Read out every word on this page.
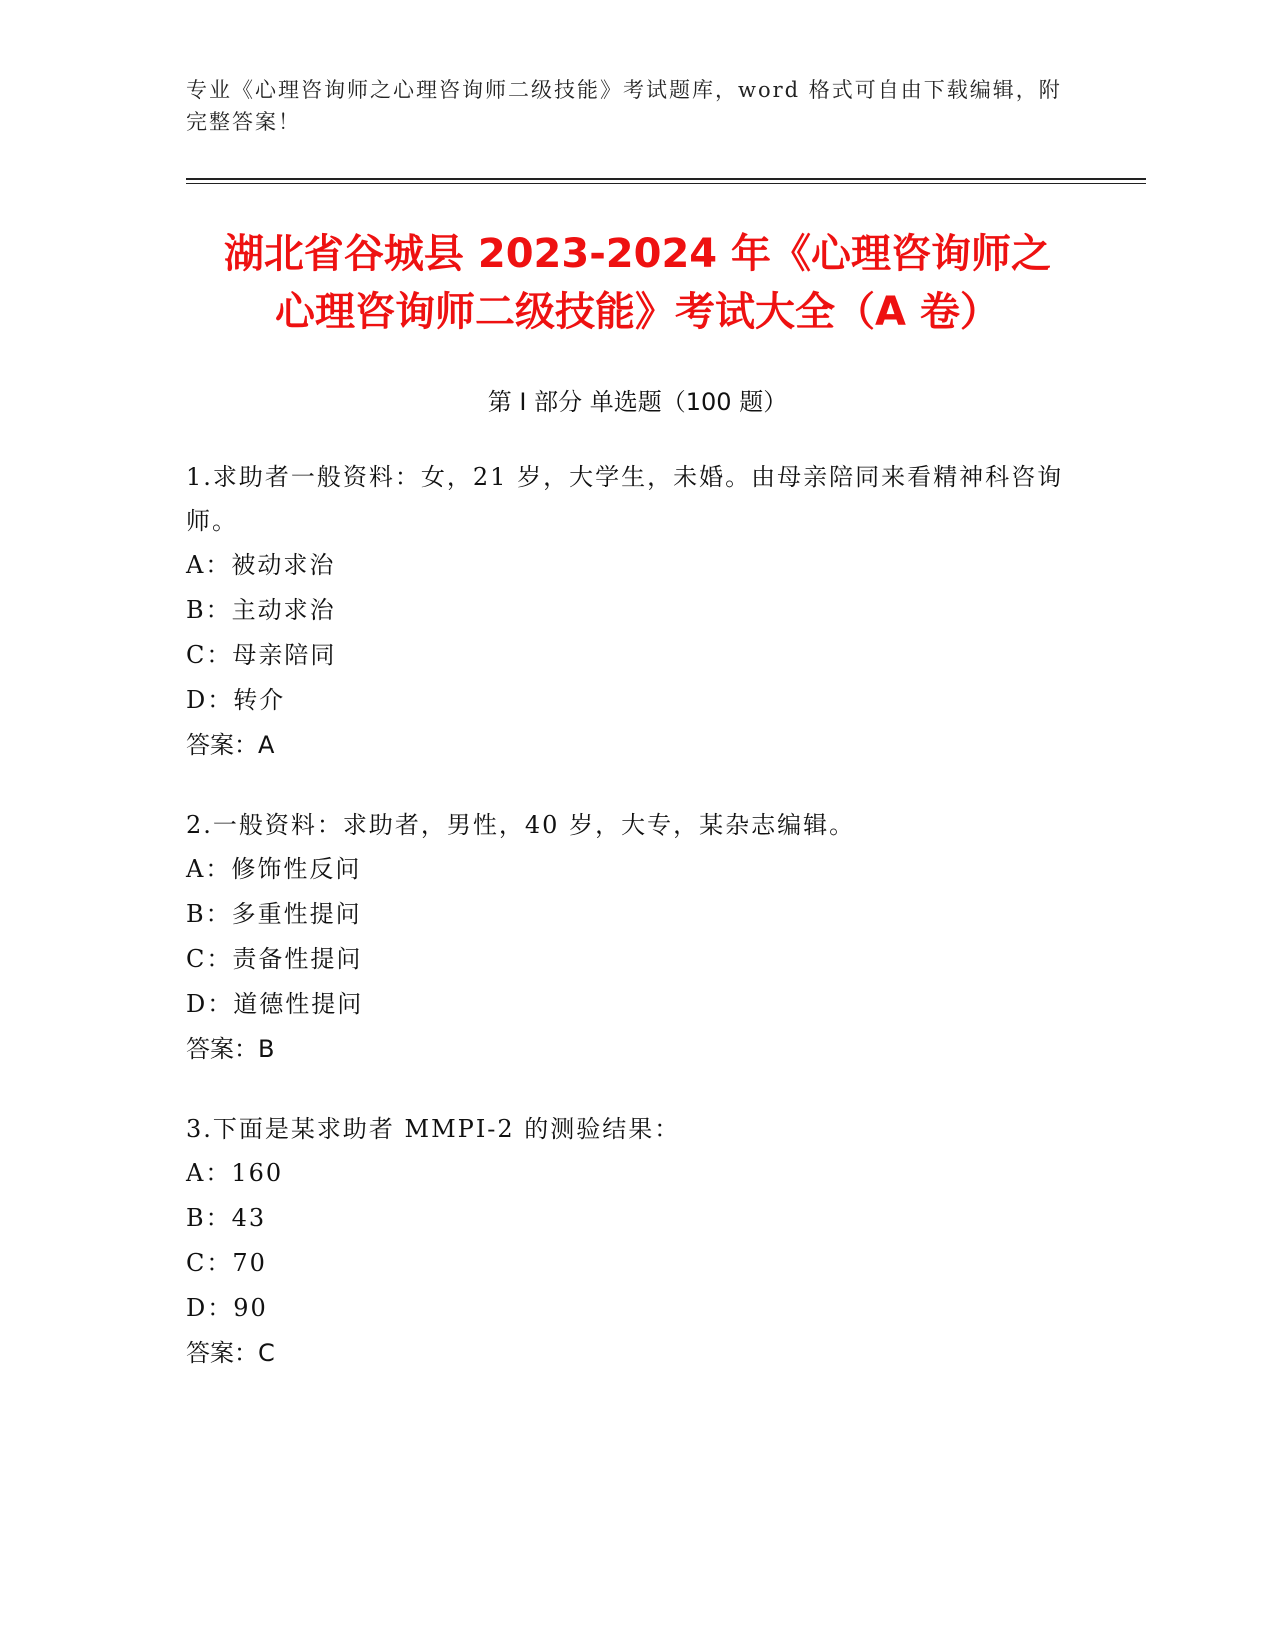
专业《心理咨询师之心理咨询师二级技能》考试题库，word 格式可自由下载编辑，附完整答案！
湖北省谷城县 2023-2024 年《心理咨询师之
心理咨询师二级技能》考试大全（A 卷）
第 I 部分 单选题（100 题）
1.求助者一般资料：女，21 岁，大学生，未婚。由母亲陪同来看精神科咨询师。
A：被动求治
B：主动求治
C：母亲陪同
D：转介
答案：A
2.一般资料：求助者，男性，40 岁，大专，某杂志编辑。
A：修饰性反问
B：多重性提问
C：责备性提问
D：道德性提问
答案：B
3.下面是某求助者 MMPI-2 的测验结果：
A：160
B：43
C：70
D：90
答案：C
